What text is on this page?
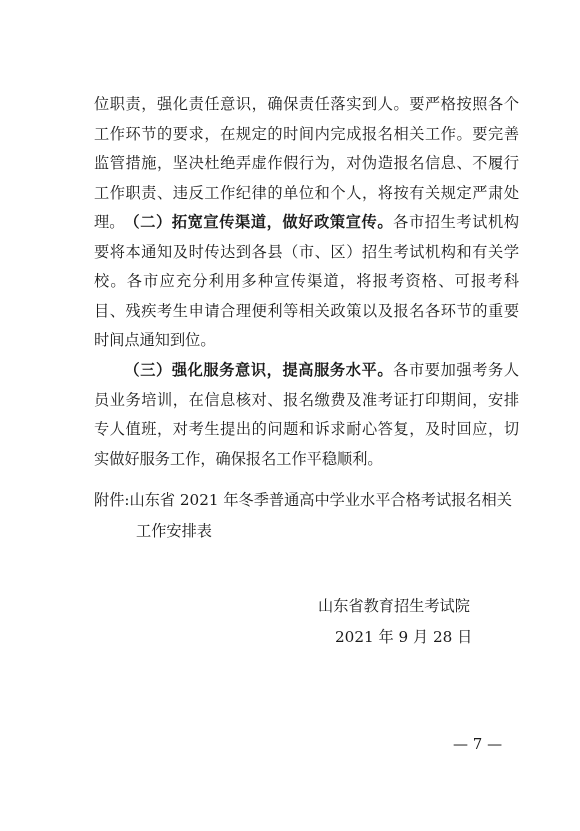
位职责，强化责任意识，确保责任落实到人。要严格按照各个工作环节的要求，在规定的时间内完成报名相关工作。要完善监管措施，坚决杜绝弄虚作假行为，对伪造报名信息、不履行工作职责、违反工作纪律的单位和个人，将按有关规定严肃处理。 （二）拓宽宣传渠道，做好政策宣传。各市招生考试机构要将本通知及时传达到各县（市、区）招生考试机构和有关学校。各市应充分利用多种宣传渠道，将报考资格、可报考科目、残疾考生申请合理便利等相关政策以及报名各环节的重要时间点通知到位。

（三）强化服务意识，提高服务水平。各市要加强考务人员业务培训，在信息核对、报名缴费及准考证打印期间，安排专人值班，对考生提出的问题和诉求耐心答复，及时回应，切实做好服务工作，确保报名工作平稳顺利。

附件:山东省 2021 年冬季普通高中学业水平合格考试报名相关
工作安排表
山东省教育招生考试院
2021 年 9 月 28 日
— 7 —
